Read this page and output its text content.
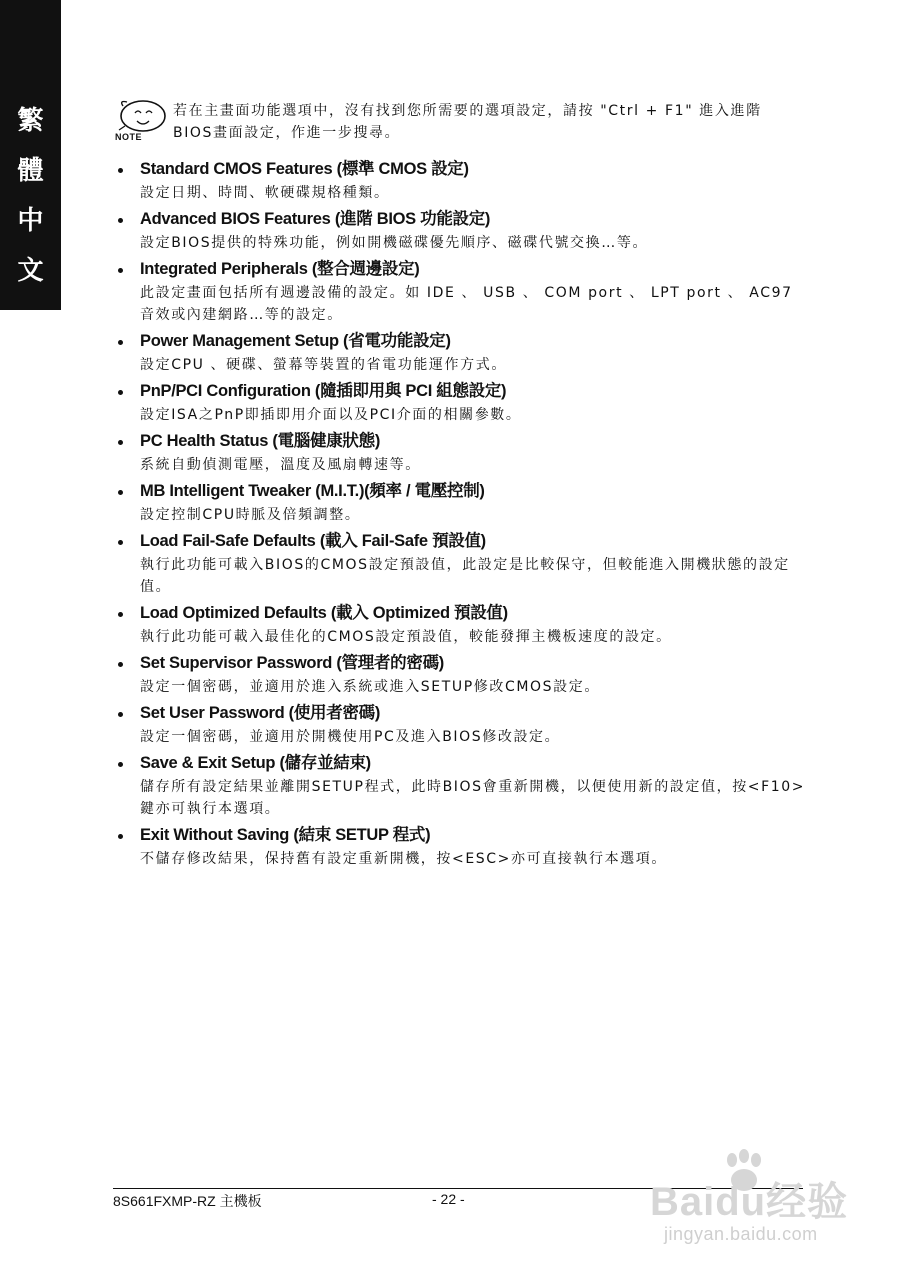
繁
體
中
文
NOTE
若在主畫面功能選項中，沒有找到您所需要的選項設定，請按 "Ctrl + F1" 進入進階BIOS畫面設定，作進一步搜尋。
Standard CMOS Features (標準 CMOS 設定)
設定日期、時間、軟硬碟規格種類。
Advanced BIOS Features (進階 BIOS 功能設定)
設定BIOS提供的特殊功能，例如開機磁碟優先順序、磁碟代號交換…等。
Integrated Peripherals (整合週邊設定)
此設定畫面包括所有週邊設備的設定。如 IDE 、 USB 、 COM port 、 LPT port 、 AC97 音效或內建網路…等的設定。
Power Management Setup (省電功能設定)
設定CPU 、硬碟、螢幕等裝置的省電功能運作方式。
PnP/PCI Configuration (隨插即用與 PCI 組態設定)
設定ISA之PnP即插即用介面以及PCI介面的相關參數。
PC Health Status (電腦健康狀態)
系統自動偵測電壓，溫度及風扇轉速等。
MB Intelligent Tweaker (M.I.T.)(頻率 / 電壓控制)
設定控制CPU時脈及倍頻調整。
Load Fail-Safe Defaults (載入 Fail-Safe 預設值)
執行此功能可載入BIOS的CMOS設定預設值，此設定是比較保守，但較能進入開機狀態的設定值。
Load Optimized Defaults (載入 Optimized 預設值)
執行此功能可載入最佳化的CMOS設定預設值，較能發揮主機板速度的設定。
Set Supervisor Password (管理者的密碼)
設定一個密碼，並適用於進入系統或進入SETUP修改CMOS設定。
Set User Password (使用者密碼)
設定一個密碼，並適用於開機使用PC及進入BIOS修改設定。
Save & Exit Setup (儲存並結束)
儲存所有設定結果並離開SETUP程式，此時BIOS會重新開機，以便使用新的設定值，按<F10>鍵亦可執行本選項。
Exit Without Saving (結束 SETUP 程式)
不儲存修改結果，保持舊有設定重新開機，按<ESC>亦可直接執行本選項。
8S661FXMP-RZ 主機板	- 22 -	Baidu经验
jingyan.baidu.com
